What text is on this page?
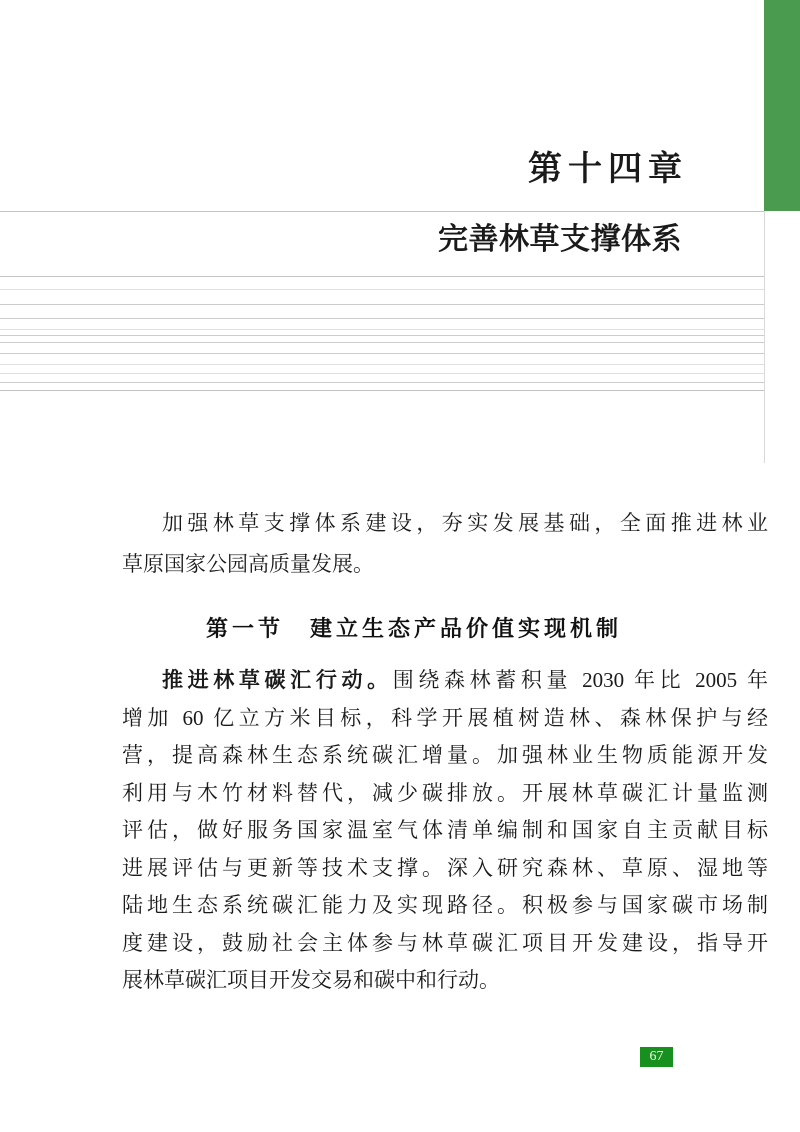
第十四章
完善林草支撑体系
加强林草支撑体系建设，夯实发展基础，全面推进林业
草原国家公园高质量发展。
第一节　建立生态产品价值实现机制
推进林草碳汇行动。围绕森林蓄积量 2030 年比 2005 年
增加 60 亿立方米目标，科学开展植树造林、森林保护与经
营，提高森林生态系统碳汇增量。加强林业生物质能源开发
利用与木竹材料替代，减少碳排放。开展林草碳汇计量监测
评估，做好服务国家温室气体清单编制和国家自主贡献目标
进展评估与更新等技术支撑。深入研究森林、草原、湿地等
陆地生态系统碳汇能力及实现路径。积极参与国家碳市场制
度建设，鼓励社会主体参与林草碳汇项目开发建设，指导开
展林草碳汇项目开发交易和碳中和行动。
67
